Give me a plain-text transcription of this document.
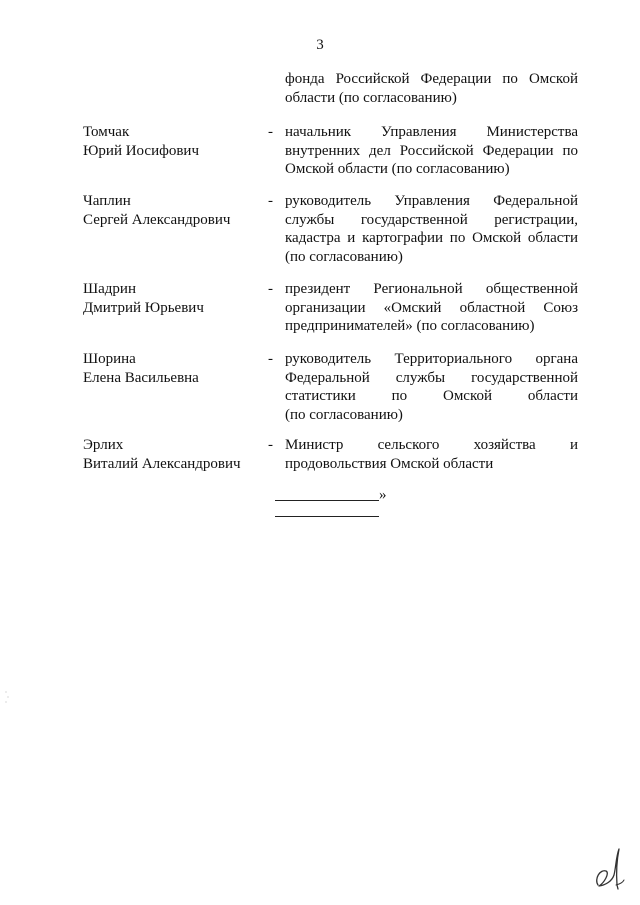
3
фонда Российской Федерации по Омской
области (по согласованию)
Томчак
Юрий Иосифович
- начальник Управления Министерства
внутренних дел Российской Федерации по
Омской области (по согласованию)
Чаплин
Сергей Александрович
- руководитель Управления Федеральной
службы государственной регистрации,
кадастра и картографии по Омской области
(по согласованию)
Шадрин
Дмитрий Юрьевич
- президент Региональной общественной
организации «Омский областной Союз
предпринимателей» (по согласованию)
Шорина
Елена Васильевна
- руководитель Территориального органа
Федеральной службы государственной
статистики по Омской области
(по согласованию)
Эрлих
Виталий Александрович
- Министр сельского хозяйства и
продовольствия Омской области
»
